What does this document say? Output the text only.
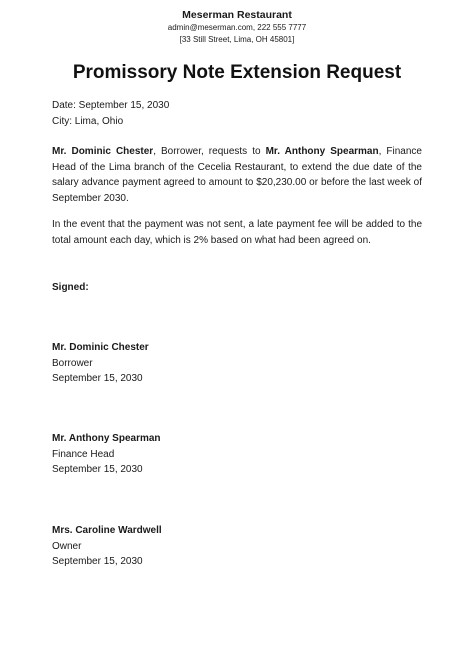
Meserman Restaurant
admin@meserman.com, 222 555 7777
[33 Still Street, Lima, OH 45801]
Promissory Note Extension Request

Date: September 15, 2030

City: Lima, Ohio

Mr. Dominic Chester, Borrower, requests to Mr. Anthony Spearman, Finance Head of the Lima branch of the Cecelia Restaurant, to extend the due date of the salary advance payment agreed to amount to $20,230.00 or before the last week of September 2030.

In the event that the payment was not sent, a late payment fee will be added to the total amount each day, which is 2% based on what had been agreed on.

Signed:

Mr. Dominic Chester

Borrower

September 15, 2030

Mr. Anthony Spearman

Finance Head

September 15, 2030

Mrs. Caroline Wardwell

Owner

September 15, 2030
